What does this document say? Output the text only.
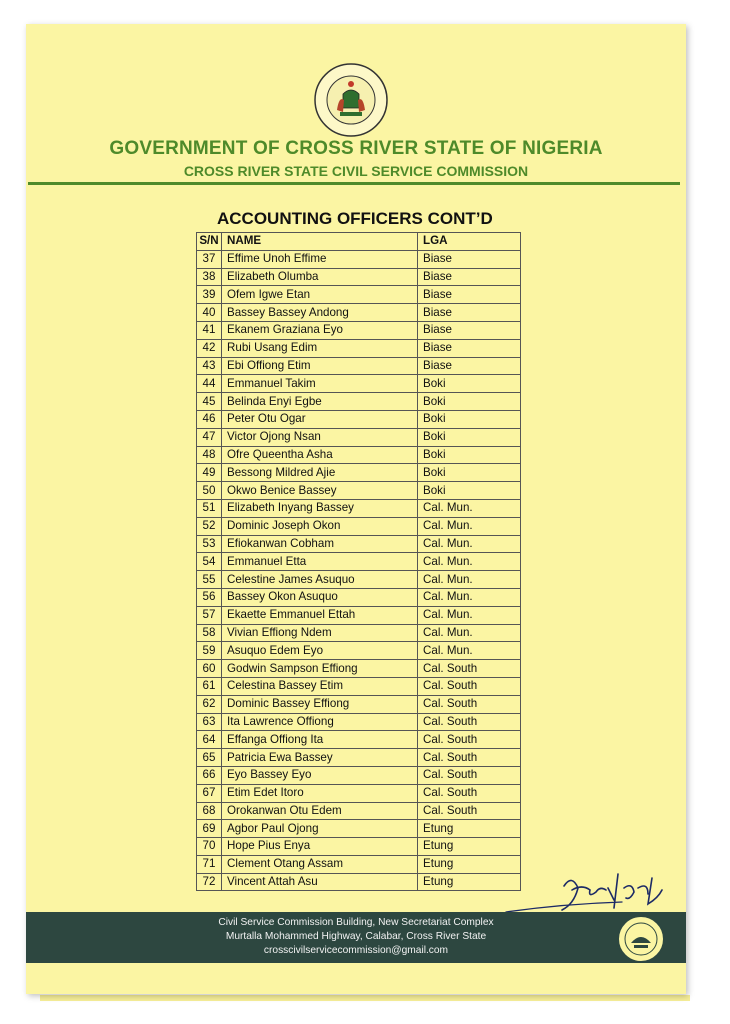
GOVERNMENT OF CROSS RIVER STATE OF NIGERIA
CROSS RIVER STATE CIVIL SERVICE COMMISSION
ACCOUNTING OFFICERS CONT’D
S/N	NAME	LGA
37	Effime Unoh Effime	Biase
38	Elizabeth Olumba	Biase
39	Ofem Igwe Etan	Biase
40	Bassey Bassey Andong	Biase
41	Ekanem Graziana Eyo	Biase
42	Rubi Usang Edim	Biase
43	Ebi Offiong Etim	Biase
44	Emmanuel Takim	Boki
45	Belinda Enyi Egbe	Boki
46	Peter Otu Ogar	Boki
47	Victor Ojong Nsan	Boki
48	Ofre Queentha Asha	Boki
49	Bessong Mildred Ajie	Boki
50	Okwo Benice Bassey	Boki
51	Elizabeth Inyang Bassey	Cal. Mun.
52	Dominic Joseph Okon	Cal. Mun.
53	Efiokanwan Cobham	Cal. Mun.
54	Emmanuel Etta	Cal. Mun.
55	Celestine James Asuquo	Cal. Mun.
56	Bassey Okon Asuquo	Cal. Mun.
57	Ekaette Emmanuel Ettah	Cal. Mun.
58	Vivian Effiong Ndem	Cal. Mun.
59	Asuquo Edem Eyo	Cal. Mun.
60	Godwin Sampson Effiong	Cal. South
61	Celestina Bassey Etim	Cal. South
62	Dominic Bassey Effiong	Cal. South
63	Ita Lawrence Offiong	Cal. South
64	Effanga Offiong Ita	Cal. South
65	Patricia Ewa Bassey	Cal. South
66	Eyo Bassey Eyo	Cal. South
67	Etim Edet Itoro	Cal. South
68	Orokanwan Otu Edem	Cal. South
69	Agbor Paul Ojong	Etung
70	Hope Pius Enya	Etung
71	Clement Otang Assam	Etung
72	Vincent Attah Asu	Etung
Civil Service Commission Building, New Secretariat Complex
Murtalla Mohammed Highway, Calabar, Cross River State
crosscivilservicecommission@gmail.com
